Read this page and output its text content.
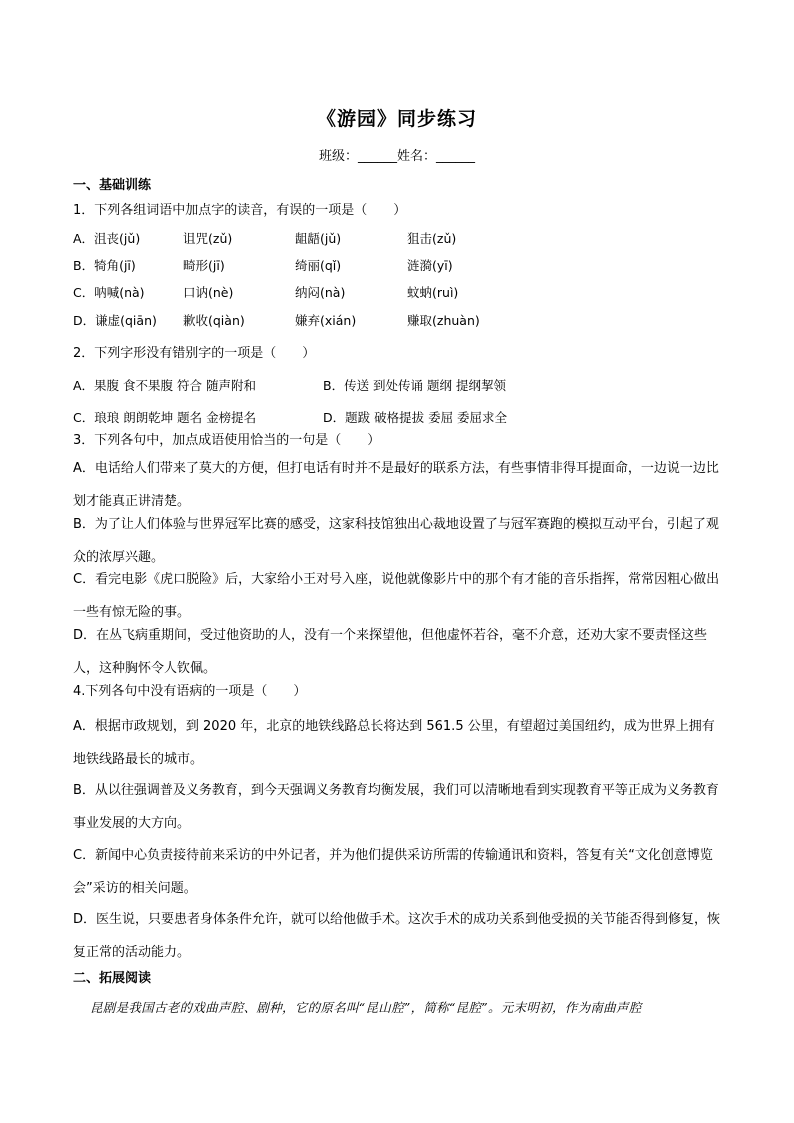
《游园》同步练习
班级：______姓名：______
一、基础训练
1．下列各组词语中加点字的读音，有误的一项是（　　）
A．沮丧(jǔ)	诅咒(zǔ)	龃龉(jǔ)	狙击(zǔ)
B．犄角(jī)	畸形(jī)	绮丽(qǐ)	涟漪(yī)
C．呐喊(nà)	口讷(nè)	纳闷(nà)	蚊蚋(ruì)
D．谦虚(qiān) 歉收(qiàn)	嫌弃(xián)	赚取(zhuàn)
2．下列字形没有错别字的一项是（　　）
A．果腹 食不果腹 符合 随声附和	B．传送 到处传诵 题纲 提纲挈领
C．琅琅 朗朗乾坤 题名 金榜提名	D．题跋 破格提拔 委屈 委屈求全
3．下列各句中，加点成语使用恰当的一句是（　　）
A．电话给人们带来了莫大的方便，但打电话有时并不是最好的联系方法，有些事情非得耳提面命，一边说一边比划才能真正讲清楚。
B．为了让人们体验与世界冠军比赛的感受，这家科技馆独出心裁地设置了与冠军赛跑的模拟互动平台，引起了观众的浓厚兴趣。
C．看完电影《虎口脱险》后，大家给小王对号入座，说他就像影片中的那个有才能的音乐指挥，常常因粗心做出一些有惊无险的事。
D．在丛飞病重期间，受过他资助的人，没有一个来探望他，但他虚怀若谷，毫不介意，还劝大家不要责怪这些人，这种胸怀令人钦佩。
4.下列各句中没有语病的一项是（　　）
A．根据市政规划，到 2020 年，北京的地铁线路总长将达到 561.5 公里，有望超过美国纽约，成为世界上拥有地铁线路最长的城市。
B．从以往强调普及义务教育，到今天强调义务教育均衡发展，我们可以清晰地看到实现教育平等正成为义务教育事业发展的大方向。
C．新闻中心负责接待前来采访的中外记者，并为他们提供采访所需的传输通讯和资料，答复有关“文化创意博览会”采访的相关问题。
D．医生说，只要患者身体条件允许，就可以给他做手术。这次手术的成功关系到他受损的关节能否得到修复，恢复正常的活动能力。
二、拓展阅读
昆剧是我国古老的戏曲声腔、剧种，它的原名叫“昆山腔”，简称“昆腔”。元末明初，作为南曲声腔
